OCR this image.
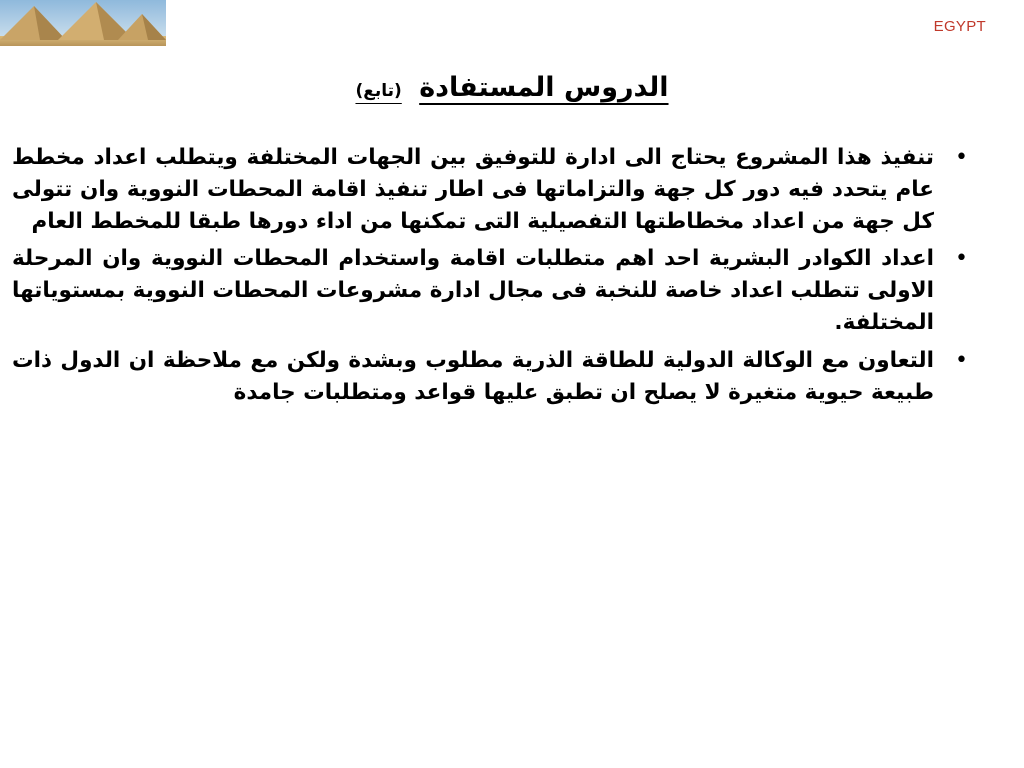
EGYPT
الدروس المستفادة (تابع)
•
تنفيذ هذا المشروع يحتاج الى ادارة للتوفيق بين الجهات المختلفة ويتطلب اعداد مخطط عام يتحدد فيه دور كل جهة والتزاماتها فى اطار تنفيذ اقامة المحطات النووية وان تتولى كل جهة من اعداد مخطاطتها التفصيلية التى تمكنها من اداء دورها طبقا للمخطط العام
•
اعداد الكوادر البشرية احد اهم متطلبات اقامة واستخدام المحطات النووية وان المرحلة الاولى تتطلب اعداد خاصة للنخبة فى مجال ادارة مشروعات المحطات النووية بمستوياتها المختلفة.
•
التعاون مع الوكالة الدولية للطاقة الذرية مطلوب وبشدة ولكن مع ملاحظة ان الدول ذات طبيعة حيوية متغيرة لا يصلح ان تطبق عليها قواعد ومتطلبات جامدة
